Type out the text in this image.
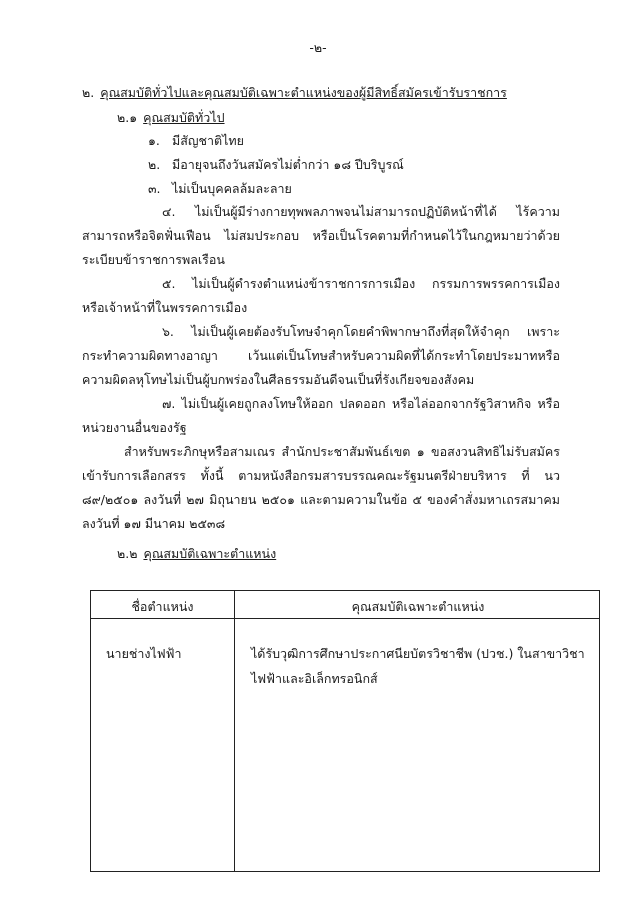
-๒-
๒. คุณสมบัติทั่วไปและคุณสมบัติเฉพาะตำแหน่งของผู้มีสิทธิ์สมัครเข้ารับราชการ
๒.๑ คุณสมบัติทั่วไป
๑. มีสัญชาติไทย
๒. มีอายุจนถึงวันสมัครไม่ต่ำกว่า ๑๘ ปีบริบูรณ์
๓. ไม่เป็นบุคคลล้มละลาย
๔. ไม่เป็นผู้มีร่างกายทุพพลภาพจนไม่สามารถปฏิบัติหน้าที่ได้ ไร้ความสามารถหรือจิตฟั่นเฟือน ไม่สมประกอบ หรือเป็นโรคตามที่กำหนดไว้ในกฎหมายว่าด้วยระเบียบข้าราชการพลเรือน
๕. ไม่เป็นผู้ดำรงตำแหน่งข้าราชการการเมือง กรรมการพรรคการเมือง หรือเจ้าหน้าที่ในพรรคการเมือง
๖. ไม่เป็นผู้เคยต้องรับโทษจำคุกโดยคำพิพากษาถึงที่สุดให้จำคุก เพราะกระทำความผิดทางอาญา เว้นแต่เป็นโทษสำหรับความผิดที่ได้กระทำโดยประมาทหรือความผิดลหุโทษไม่เป็นผู้บกพร่องในศีลธรรมอันดีจนเป็นที่รังเกียจของสังคม
๗. ไม่เป็นผู้เคยถูกลงโทษให้ออก ปลดออก หรือไล่ออกจากรัฐวิสาหกิจ หรือหน่วยงานอื่นของรัฐ
สำหรับพระภิกษุหรือสามเณร สำนักประชาสัมพันธ์เขต ๑ ขอสงวนสิทธิไม่รับสมัครเข้ารับการเลือกสรร ทั้งนี้ ตามหนังสือกรมสารบรรณคณะรัฐมนตรีฝ่ายบริหาร ที่ นว ๘๙/๒๕๐๑ ลงวันที่ ๒๗ มิถุนายน ๒๕๐๑ และตามความในข้อ ๕ ของคำสั่งมหาเถรสมาคม ลงวันที่ ๑๗ มีนาคม ๒๕๓๘
๒.๒ คุณสมบัติเฉพาะตำแหน่ง
ชื่อตำแหน่ง	คุณสมบัติเฉพาะตำแหน่ง
นายช่างไฟฟ้า	ได้รับวุฒิการศึกษาประกาศนียบัตรวิชาชีพ (ปวช.) ในสาขาวิชาไฟฟ้าและอิเล็กทรอนิกส์
